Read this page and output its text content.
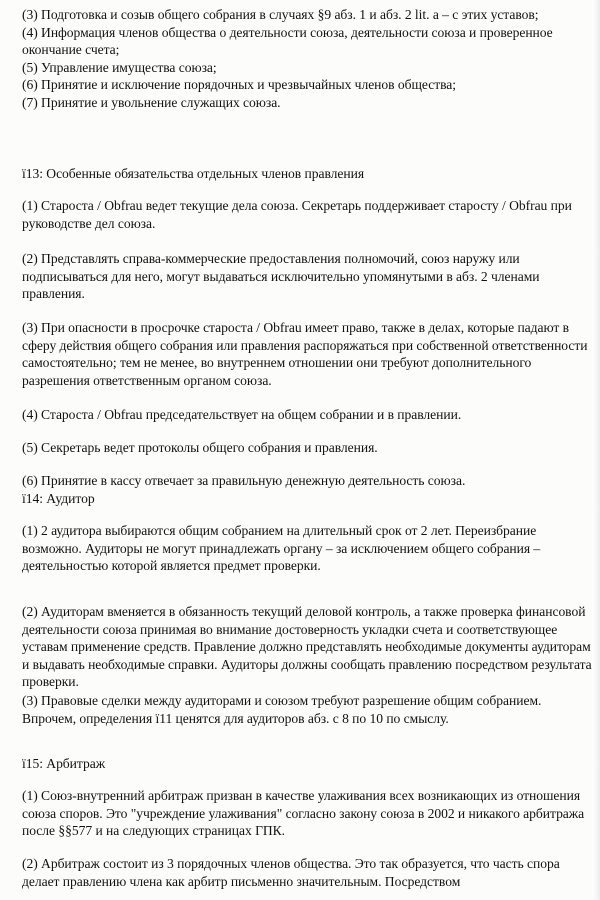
(3) Подготовка и созыв общего собрания в случаях §9 абз. 1 и абз. 2 lit. a – с этих уставов;

(4) Информация членов общества о деятельности союза, деятельности союза и проверенное окончание счета;

(5) Управление имущества союза;

(6) Принятие и исключение порядочных и чрезвычайных членов общества;

(7) Принятие и увольнение служащих союза.

ї13: Особенные обязательства отдельных членов правления

(1) Староста / Obfrau ведет текущие дела союза. Секретарь поддерживает старосту / Obfrau при руководстве дел союза.

(2) Представлять справа-коммерческие предоставления полномочий, союз наружу или подписываться для него, могут выдаваться исключительно упомянутыми в абз. 2 членами правления.

(3) При опасности в просрочке староста / Obfrau имеет право, также в делах, которые падают в сферу действия общего собрания или правления распоряжаться при собственной ответственности самостоятельно; тем не менее, во внутреннем отношении они требуют дополнительного разрешения ответственным органом союза.

(4) Староста / Obfrau председательствует на общем собрании и в правлении.

(5) Секретарь ведет протоколы общего собрания и правления.

(6) Принятие в кассу отвечает за правильную денежную деятельность союза.

ї14: Аудитор

(1) 2 аудитора выбираются общим собранием на длительный срок от 2 лет. Переизбрание возможно. Аудиторы не могут принадлежать органу – за исключением общего собрания – деятельностью которой является предмет проверки.

(2) Аудиторам вменяется в обязанность текущий деловой контроль, а также проверка финансовой деятельности союза принимая во внимание достоверность укладки счета и соответствующее уставам применение средств. Правление должно представлять необходимые документы аудиторам и выдавать необходимые справки. Аудиторы должны сообщать правлению посредством результата проверки.

(3) Правовые сделки между аудиторами и союзом требуют разрешение общим собранием. Впрочем, определения ї11 ценятся для аудиторов абз. с 8 по 10 по смыслу.

ї15: Арбитраж

(1) Союз-внутренний арбитраж призван в качестве улаживания всех возникающих из отношения союза споров. Это "учреждение улаживания" согласно закону союза в 2002 и никакого арбитража после §§577 и на следующих страницах ГПК.

(2) Арбитраж состоит из 3 порядочных членов общества. Это так образуется, что часть спора делает правлению члена как арбитр письменно значительным. Посредством
